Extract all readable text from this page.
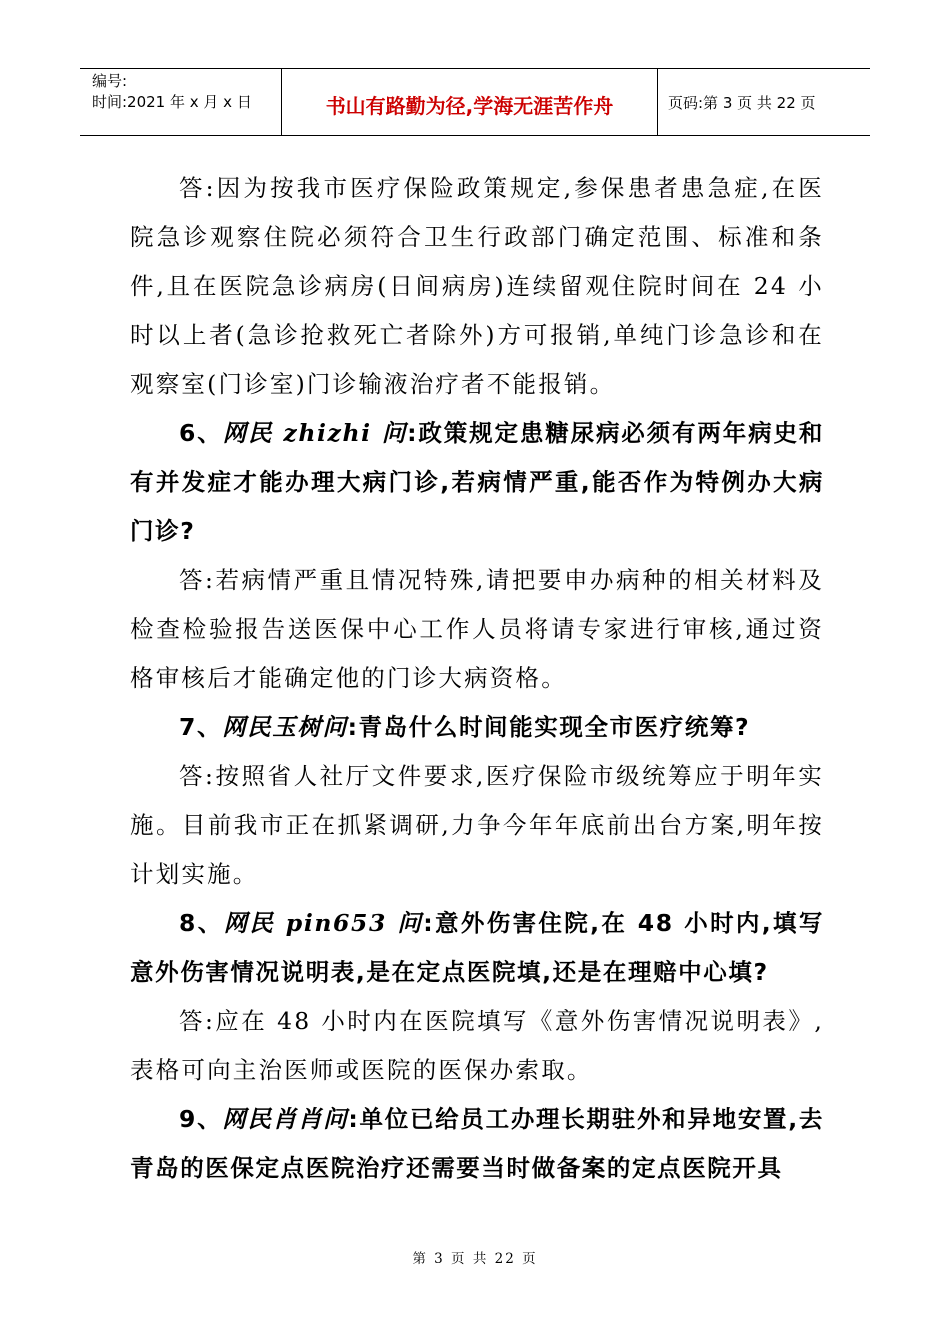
编号:
时间:2021 年 x 月 x 日	书山有路勤为径,学海无涯苦作舟	页码:第 3 页 共 22 页

答:因为按我市医疗保险政策规定,参保患者患急症,在医院急诊观察住院必须符合卫生行政部门确定范围、标准和条件,且在医院急诊病房(日间病房)连续留观住院时间在 24 小时以上者(急诊抢救死亡者除外)方可报销,单纯门诊急诊和在观察室(门诊室)门诊输液治疗者不能报销。

6、网民 zhizhi 问:政策规定患糖尿病必须有两年病史和有并发症才能办理大病门诊,若病情严重,能否作为特例办大病门诊?

答:若病情严重且情况特殊,请把要申办病种的相关材料及检查检验报告送医保中心工作人员将请专家进行审核,通过资格审核后才能确定他的门诊大病资格。

7、网民玉树问:青岛什么时间能实现全市医疗统筹?

答:按照省人社厅文件要求,医疗保险市级统筹应于明年实施。目前我市正在抓紧调研,力争今年年底前出台方案,明年按计划实施。

8、网民 pin653 问:意外伤害住院,在 48 小时内,填写意外伤害情况说明表,是在定点医院填,还是在理赔中心填?

答:应在 48 小时内在医院填写《意外伤害情况说明表》,表格可向主治医师或医院的医保办索取。

9、网民肖肖问:单位已给员工办理长期驻外和异地安置,去青岛的医保定点医院治疗还需要当时做备案的定点医院开具

第 3 页 共 22 页
